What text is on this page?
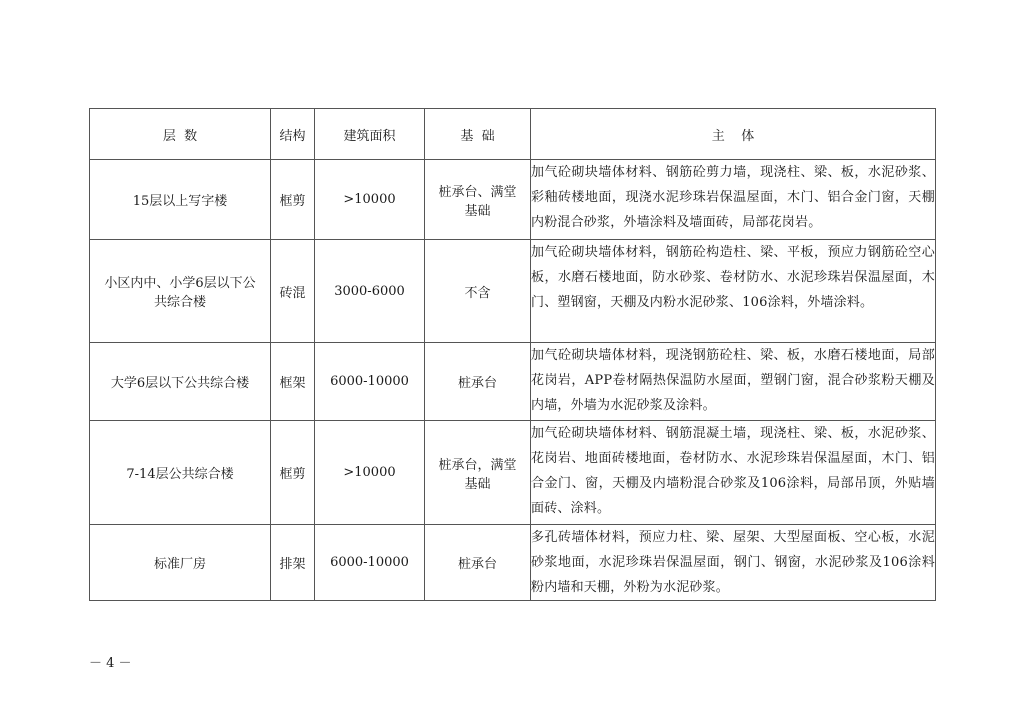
层  数	结构	建筑面积	基  础	主    体
15层以上写字楼	框剪	>10000	桩承台、满堂基础	加气砼砌块墙体材料、钢筋砼剪力墙，现浇柱、梁、板，水泥砂浆、彩釉砖楼地面，现浇水泥珍珠岩保温屋面，木门、铝合金门窗，天棚内粉混合砂浆，外墙涂料及墙面砖，局部花岗岩。
小区内中、小学6层以下公共综合楼	砖混	3000-6000	不含	加气砼砌块墙体材料，钢筋砼构造柱、梁、平板，预应力钢筋砼空心板，水磨石楼地面，防水砂浆、卷材防水、水泥珍珠岩保温屋面，木门、塑钢窗，天棚及内粉水泥砂浆、106涂料，外墙涂料。
大学6层以下公共综合楼	框架	6000-10000	桩承台	加气砼砌块墙体材料，现浇钢筋砼柱、梁、板，水磨石楼地面，局部花岗岩，APP卷材隔热保温防水屋面，塑钢门窗，混合砂浆粉天棚及内墙，外墙为水泥砂浆及涂料。
7-14层公共综合楼	框剪	>10000	桩承台，满堂基础	加气砼砌块墙体材料、钢筋混凝土墙，现浇柱、梁、板，水泥砂浆、花岗岩、地面砖楼地面，卷材防水、水泥珍珠岩保温屋面，木门、铝合金门、窗，天棚及内墙粉混合砂浆及106涂料，局部吊顶，外贴墙面砖、涂料。
标准厂房	排架	6000-10000	桩承台	多孔砖墙体材料，预应力柱、梁、屋架、大型屋面板、空心板，水泥砂浆地面，水泥珍珠岩保温屋面，钢门、钢窗，水泥砂浆及106涂料粉内墙和天棚，外粉为水泥砂浆。
－ 4 －
